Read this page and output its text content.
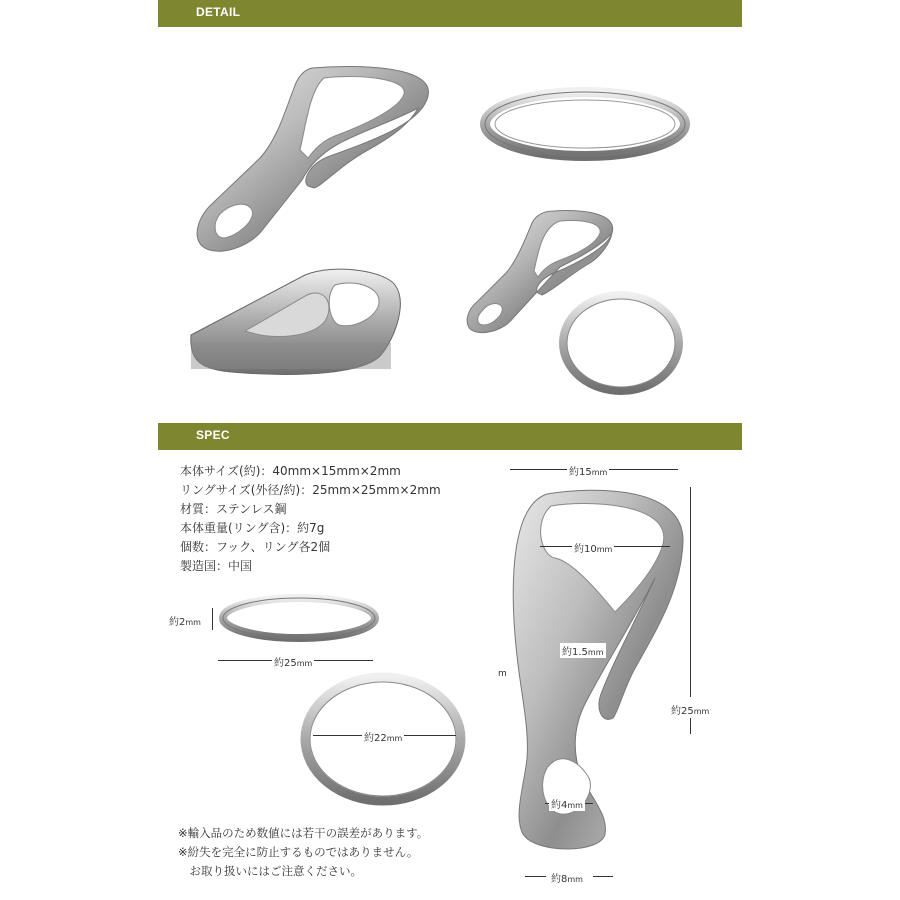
DETAIL
SPEC
本体サイズ(約)：40mm×15mm×2mm
リングサイズ(外径/約)：25mm×25mm×2mm
材質：ステンレス鋼
本体重量(リング含)：約7g
個数：フック、リング各2個
製造国：中国
約2mm
約25mm
約22mm
m
約15mm
約10mm
約1.5mm
約25mm
約4mm
約8mm
※輸入品のため数値には若干の誤差があります。
※紛失を完全に防止するものではありません。
　お取り扱いにはご注意ください。
